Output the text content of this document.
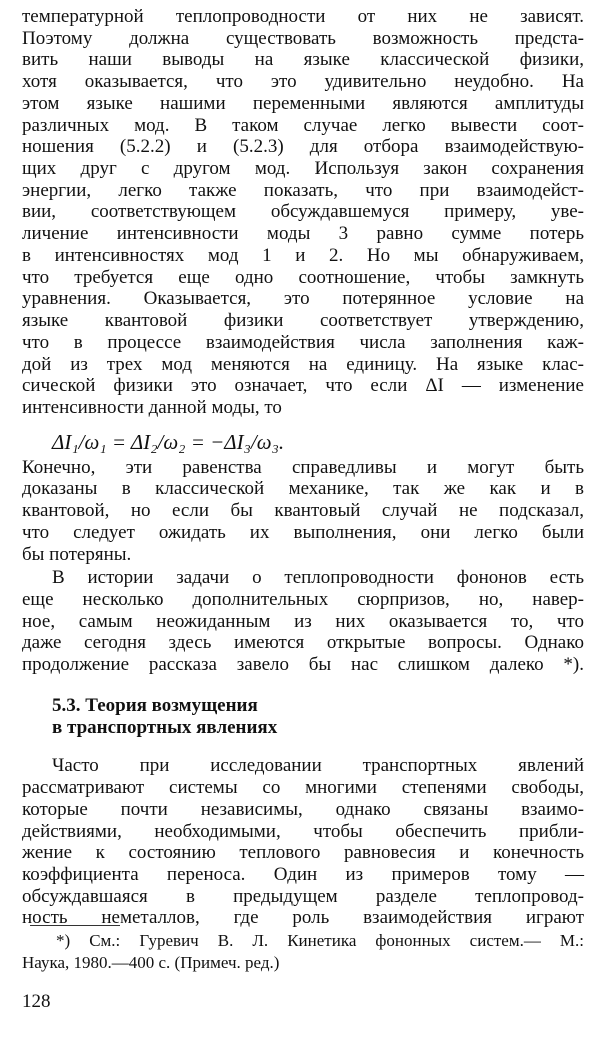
температурной теплопроводности от них не зависят.
Поэтому должна существовать возможность предста-
вить наши выводы на языке классической физики,
хотя оказывается, что это удивительно неудобно. На
этом языке нашими переменными являются амплитуды
различных мод. В таком случае легко вывести соот-
ношения (5.2.2) и (5.2.3) для отбора взаимодействую-
щих друг с другом мод. Используя закон сохранения
энергии, легко также показать, что при взаимодейст-
вии, соответствующем обсуждавшемуся примеру, уве-
личение интенсивности моды 3 равно сумме потерь
в интенсивностях мод 1 и 2. Но мы обнаруживаем,
что требуется еще одно соотношение, чтобы замкнуть
уравнения. Оказывается, это потерянное условие на
языке квантовой физики соответствует утверждению,
что в процессе взаимодействия числа заполнения каж-
дой из трех мод меняются на единицу. На языке клас-
сической физики это означает, что если ΔI — изменение
интенсивности данной моды, то
ΔI₁/ω₁ = ΔI₂/ω₂ = −ΔI₃/ω₃.
Конечно, эти равенства справедливы и могут быть
доказаны в классической механике, так же как и в
квантовой, но если бы квантовый случай не подсказал,
что следует ожидать их выполнения, они легко были
бы потеряны.
В истории задачи о теплопроводности фононов есть
еще несколько дополнительных сюрпризов, но, навер-
ное, самым неожиданным из них оказывается то, что
даже сегодня здесь имеются открытые вопросы. Однако
продолжение рассказа завело бы нас слишком далеко *).
5.3. Теория возмущения
в транспортных явлениях
Часто при исследовании транспортных явлений
рассматривают системы со многими степенями свободы,
которые почти независимы, однако связаны взаимо-
действиями, необходимыми, чтобы обеспечить прибли-
жение к состоянию теплового равновесия и конечность
коэффициента переноса. Один из примеров тому —
обсуждавшаяся в предыдущем разделе теплопровод-
ность неметаллов, где роль взаимодействия играют
*) См.: Гуревич В. Л. Кинетика фононных систем.— М.:
Наука, 1980.—400 с. (Примеч. ред.)
128
